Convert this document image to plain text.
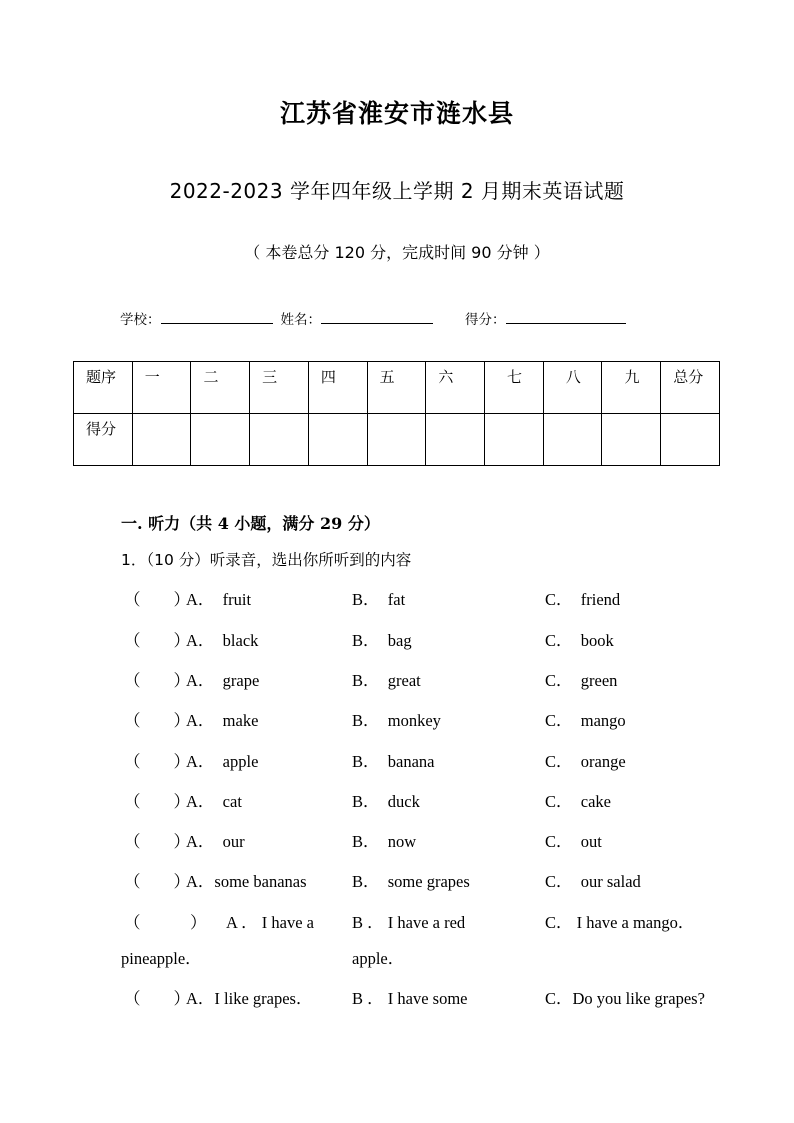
江苏省淮安市涟水县
2022-2023 学年四年级上学期 2 月期末英语试题
（ 本卷总分 120 分，完成时间 90 分钟 ）
学校：	姓名：	得分：
题序	一	二	三	四	五	六	七	八	九	总分
得分										
一. 听力（共 4 小题，满分 29 分）
1．（10 分）听录音，选出你所听到的内容
（　　）
A．　fruit	B．　fat	C．　friend
（　　）
A．　black	B．　bag	C．　book
（　　）
A．　grape	B．　great	C．　green
（　　）
A．　make	B．　monkey	C．　mango
（　　）
A．　apple	B．　banana	C．　orange
（　　）
A．　cat	B．　duck	C．　cake
（　　）
A．　our	B．　now	C．　out
（　　）
A．some bananas	B．　some grapes	C．　our salad
（　　　） A ． I have a B ． I have a red	C． I have a mango．
pineapple．	apple．
（　　）
A．I like grapes． B ． I have some	C．Do you like grapes?
